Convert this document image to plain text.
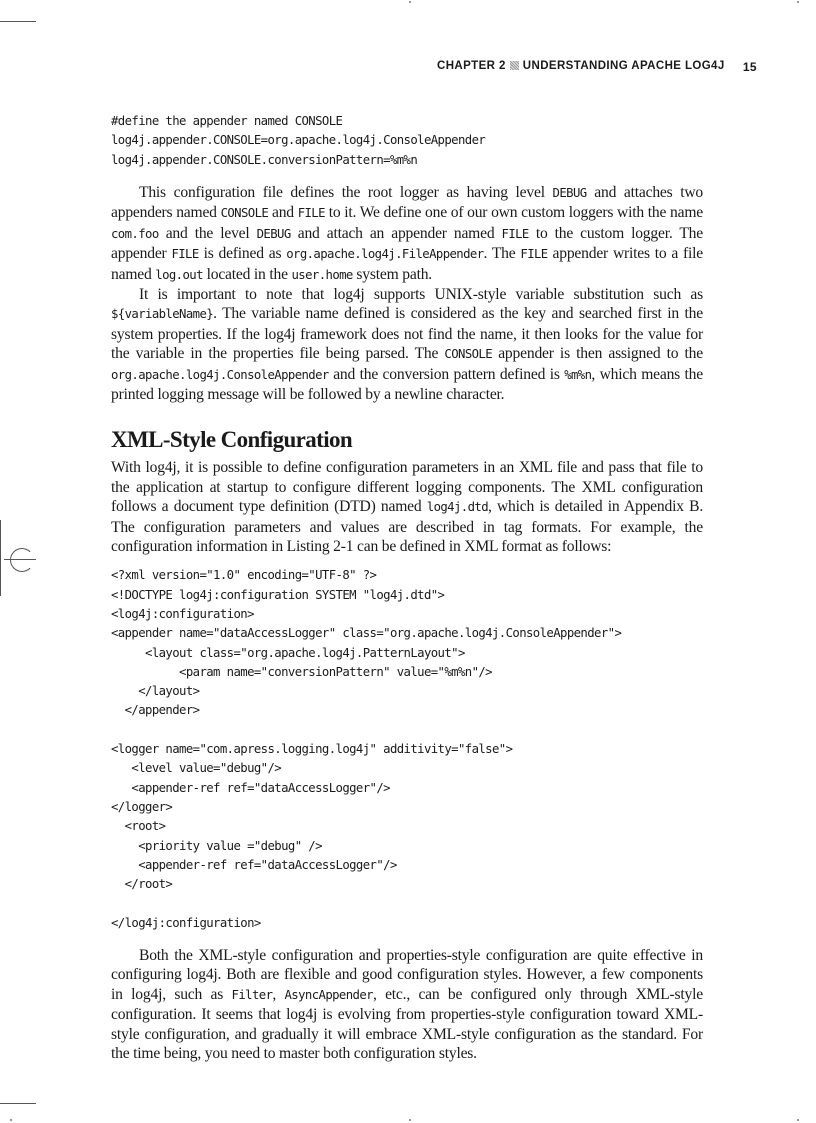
CHAPTER 2 UNDERSTANDING APACHE LOG4J 15
#define the appender named CONSOLE
log4j.appender.CONSOLE=org.apache.log4j.ConsoleAppender
log4j.appender.CONSOLE.conversionPattern=%m%n

This configuration file defines the root logger as having level DEBUG and attaches two appenders named CONSOLE and FILE to it. We define one of our own custom loggers with the name com.foo and the level DEBUG and attach an appender named FILE to the custom logger. The appender FILE is defined as org.apache.log4j.FileAppender. The FILE appender writes to a file named log.out located in the user.home system path.

It is important to note that log4j supports UNIX-style variable substitution such as ${variableName}. The variable name defined is considered as the key and searched first in the system properties. If the log4j framework does not find the name, it then looks for the value for the variable in the properties file being parsed. The CONSOLE appender is then assigned to the org.apache.log4j.ConsoleAppender and the conversion pattern defined is %m%n, which means the printed logging message will be followed by a newline character.

XML-Style Configuration

With log4j, it is possible to define configuration parameters in an XML file and pass that file to the application at startup to configure different logging components. The XML configuration follows a document type definition (DTD) named log4j.dtd, which is detailed in Appendix B. The configuration parameters and values are described in tag formats. For example, the configuration information in Listing 2-1 can be defined in XML format as follows:

<?xml version="1.0" encoding="UTF-8" ?>
<!DOCTYPE log4j:configuration SYSTEM "log4j.dtd">
<log4j:configuration>
<appender name="dataAccessLogger" class="org.apache.log4j.ConsoleAppender">
<layout class="org.apache.log4j.PatternLayout">
<param name="conversionPattern" value="%m%n"/>
</layout>
</appender>

<logger name="com.apress.logging.log4j" additivity="false">
<level value="debug"/>
<appender-ref ref="dataAccessLogger"/>
</logger>
<root>
<priority value ="debug" />
<appender-ref ref="dataAccessLogger"/>
</root>

</log4j:configuration>

Both the XML-style configuration and properties-style configuration are quite effective in configuring log4j. Both are flexible and good configuration styles. However, a few components in log4j, such as Filter, AsyncAppender, etc., can be configured only through XML-style configuration. It seems that log4j is evolving from properties-style configuration toward XML-style configuration, and gradually it will embrace XML-style configuration as the standard. For the time being, you need to master both configuration styles.
